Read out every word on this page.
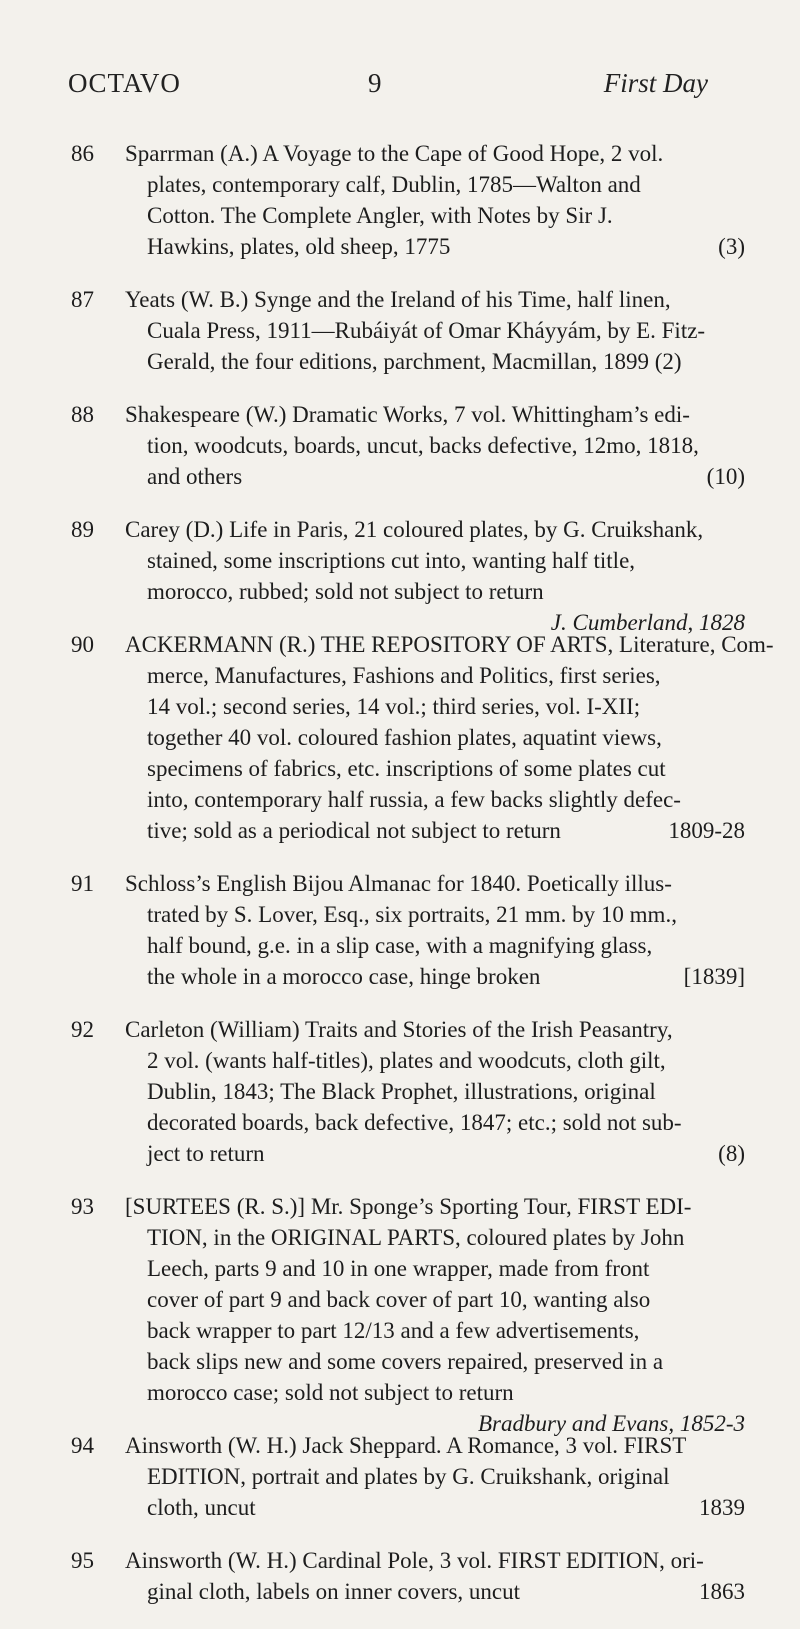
OCTAVO	9	First Day
86	Sparrman (A.) A Voyage to the Cape of Good Hope, 2 vol.
plates, contemporary calf, Dublin, 1785—Walton and
Cotton. The Complete Angler, with Notes by Sir J.
Hawkins, plates, old sheep, 1775	(3)
87	Yeats (W. B.) Synge and the Ireland of his Time, half linen,
Cuala Press, 1911—Rubáiyát of Omar Kháyyám, by E. Fitz-
Gerald, the four editions, parchment, Macmillan, 1899 (2)
88	Shakespeare (W.) Dramatic Works, 7 vol. Whittingham’s edi-
tion, woodcuts, boards, uncut, backs defective, 12mo, 1818,
and others	(10)
89	Carey (D.) Life in Paris, 21 coloured plates, by G. Cruikshank,
stained, some inscriptions cut into, wanting half title,
morocco, rubbed; sold not subject to return
J. Cumberland, 1828
90	ACKERMANN (R.) THE REPOSITORY OF ARTS, Literature, Com-
merce, Manufactures, Fashions and Politics, first series,
14 vol.; second series, 14 vol.; third series, vol. I-XII;
together 40 vol. coloured fashion plates, aquatint views,
specimens of fabrics, etc. inscriptions of some plates cut
into, contemporary half russia, a few backs slightly defec-
tive; sold as a periodical not subject to return	1809-28
91	Schloss’s English Bijou Almanac for 1840. Poetically illus-
trated by S. Lover, Esq., six portraits, 21 mm. by 10 mm.,
half bound, g.e. in a slip case, with a magnifying glass,
the whole in a morocco case, hinge broken	[1839]
92	Carleton (William) Traits and Stories of the Irish Peasantry,
2 vol. (wants half-titles), plates and woodcuts, cloth gilt,
Dublin, 1843; The Black Prophet, illustrations, original
decorated boards, back defective, 1847; etc.; sold not sub-
ject to return	(8)
93	[SURTEES (R. S.)] Mr. Sponge’s Sporting Tour, FIRST EDI-
TION, in the ORIGINAL PARTS, coloured plates by John
Leech, parts 9 and 10 in one wrapper, made from front
cover of part 9 and back cover of part 10, wanting also
back wrapper to part 12/13 and a few advertisements,
back slips new and some covers repaired, preserved in a
morocco case; sold not subject to return
Bradbury and Evans, 1852-3
94	Ainsworth (W. H.) Jack Sheppard. A Romance, 3 vol. FIRST
EDITION, portrait and plates by G. Cruikshank, original
cloth, uncut	1839
95	Ainsworth (W. H.) Cardinal Pole, 3 vol. FIRST EDITION, ori-
ginal cloth, labels on inner covers, uncut	1863
